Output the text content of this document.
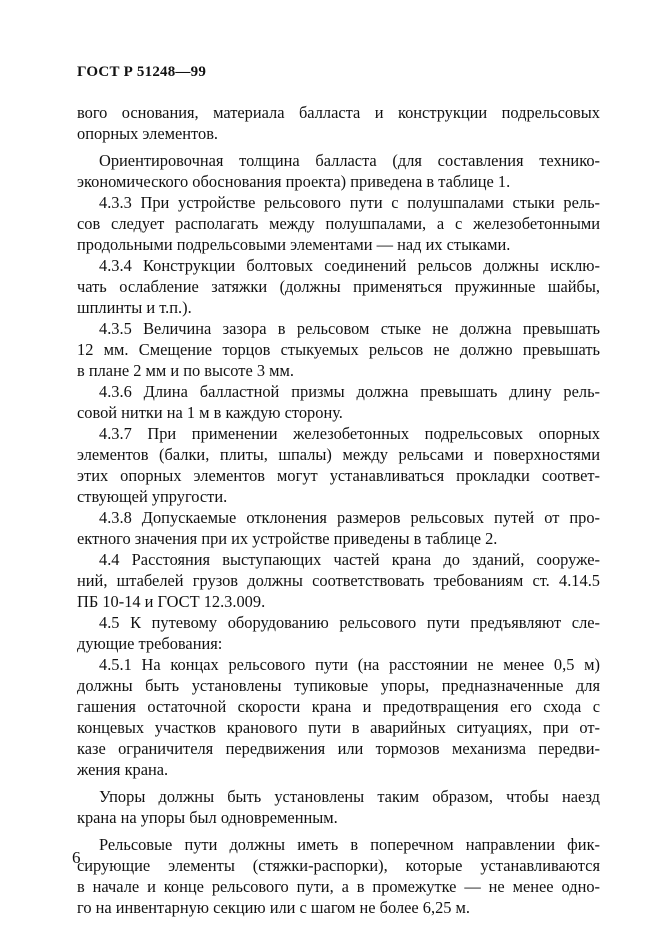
ГОСТ Р 51248—99

вого основания, материала балласта и конструкции подрельсовых
опорных элементов.

Ориентировочная толщина балласта (для составления технико-
экономического обоснования проекта) приведена в таблице 1.

4.3.3 При устройстве рельсового пути с полушпалами стыки рель-
сов следует располагать между полушпалами, а с железобетонными
продольными подрельсовыми элементами — над их стыками.

4.3.4 Конструкции болтовых соединений рельсов должны исклю-
чать ослабление затяжки (должны применяться пружинные шайбы,
шплинты и т.п.).

4.3.5 Величина зазора в рельсовом стыке не должна превышать
12 мм. Смещение торцов стыкуемых рельсов не должно превышать
в плане 2 мм и по высоте 3 мм.

4.3.6 Длина балластной призмы должна превышать длину рель-
совой нитки на 1 м в каждую сторону.

4.3.7 При применении железобетонных подрельсовых опорных
элементов (балки, плиты, шпалы) между рельсами и поверхностями
этих опорных элементов могут устанавливаться прокладки соответ-
ствующей упругости.

4.3.8 Допускаемые отклонения размеров рельсовых путей от про-
ектного значения при их устройстве приведены в таблице 2.

4.4 Расстояния выступающих частей крана до зданий, сооруже-
ний, штабелей грузов должны соответствовать требованиям ст. 4.14.5
ПБ 10-14 и ГОСТ 12.3.009.

4.5 К путевому оборудованию рельсового пути предъявляют сле-
дующие требования:

4.5.1 На концах рельсового пути (на расстоянии не менее 0,5 м)
должны быть установлены тупиковые упоры, предназначенные для
гашения остаточной скорости крана и предотвращения его схода с
концевых участков кранового пути в аварийных ситуациях, при от-
казе ограничителя передвижения или тормозов механизма передви-
жения крана.

Упоры должны быть установлены таким образом, чтобы наезд
крана на упоры был одновременным.

Рельсовые пути должны иметь в поперечном направлении фик-
сирующие элементы (стяжки-распорки), которые устанавливаются
в начале и конце рельсового пути, а в промежутке — не менее одно-
го на инвентарную секцию или с шагом не более 6,25 м.

6
